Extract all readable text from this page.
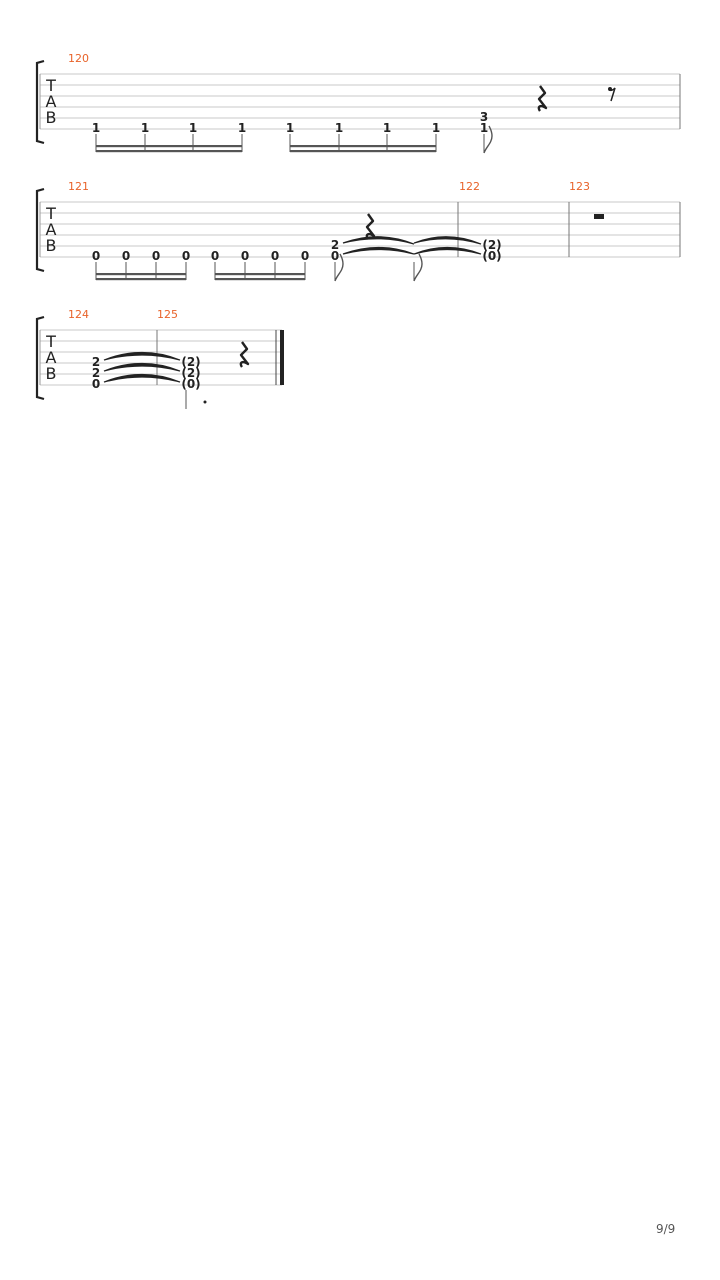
T
A
B
120
1	1	1	1	1	1	1	1
3
1
T
A
B
121	122	123
0 0 0 0 0 0 0 0
2
0
(2)
(0)
T
A
B
124	125
2
2
0
(2)
(2)
(0)
9/9
